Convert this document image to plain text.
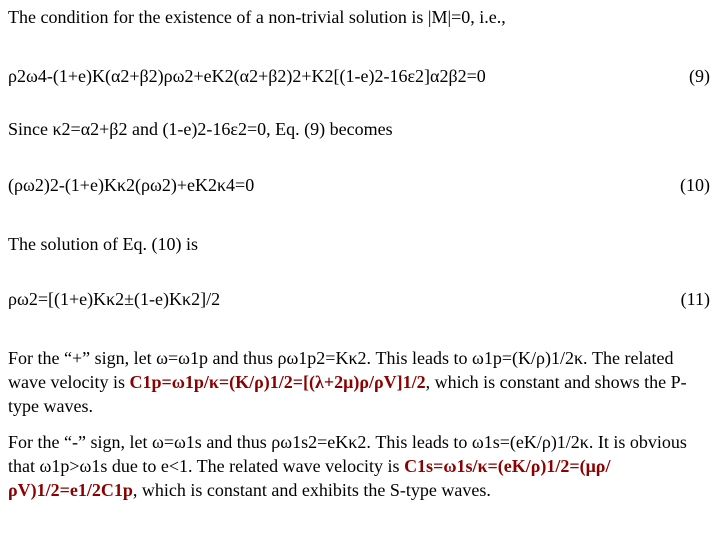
The condition for the existence of a non-trivial solution is |M|=0, i.e.,
ρ2ω4-(1+e)K(α2+β2)ρω2+eK2(α2+β2)2+K2[(1-e)2-16ε2]α2β2=0	(9)
Since κ2=α2+β2 and (1-e)2-16ε2=0, Eq. (9) becomes
(ρω2)2-(1+e)Kκ2(ρω2)+eK2κ4=0	(10)
The solution of Eq. (10) is
ρω2=[(1+e)Kκ2±(1-e)Kκ2]/2	(11)
For the “+” sign, let ω=ω1p and thus ρω1p2=Kκ2. This leads to ω1p=(K/ρ)1/2κ. The related wave velocity is C1p=ω1p/κ=(K/ρ)1/2=[(λ+2μ)ρ/ρV]1/2, which is constant and shows the P-type waves.
For the “-” sign, let ω=ω1s and thus ρω1s2=eKκ2. This leads to ω1s=(eK/ρ)1/2κ. It is obvious that ω1p>ω1s due to e<1. The related wave velocity is C1s=ω1s/κ=(eK/ρ)1/2=(μρ/ρV)1/2=e1/2C1p, which is constant and exhibits the S-type waves.
